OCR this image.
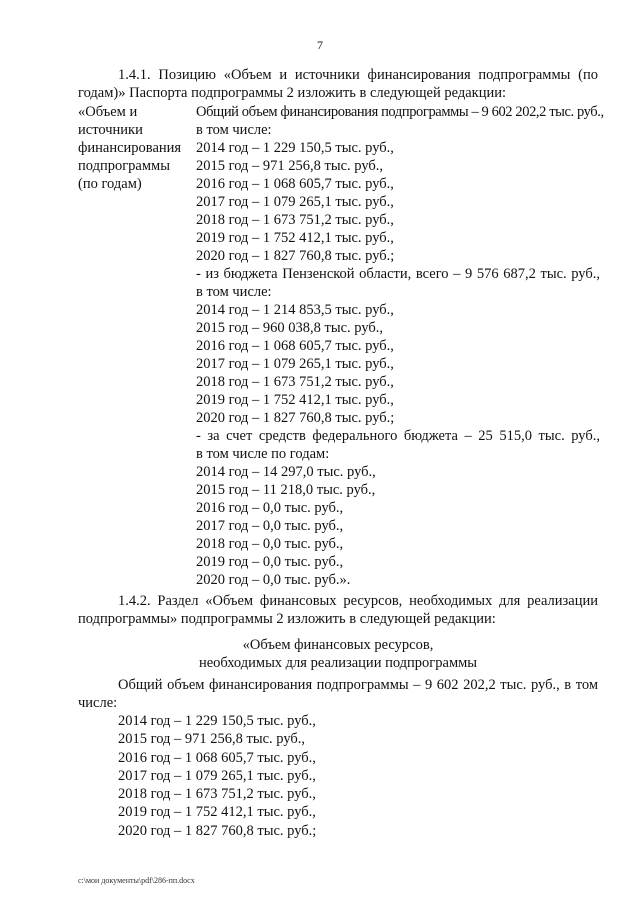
7
1.4.1. Позицию «Объем и источники финансирования подпрограммы (по годам)» Паспорта подпрограммы 2 изложить в следующей редакции:
«Объем и
источники
финансирования
подпрограммы
(по годам)
Общий объем финансирования подпрограммы – 9 602 202,2 тыс. руб.,
в том числе:
2014 год – 1 229 150,5 тыс. руб.,
2015 год – 971 256,8 тыс. руб.,
2016 год – 1 068 605,7 тыс. руб.,
2017 год – 1 079 265,1 тыс. руб.,
2018 год – 1 673 751,2 тыс. руб.,
2019 год – 1 752 412,1 тыс. руб.,
2020 год – 1 827 760,8 тыс. руб.;
- из бюджета Пензенской области, всего – 9 576 687,2 тыс. руб.,
в том числе:
2014 год – 1 214 853,5 тыс. руб.,
2015 год – 960 038,8 тыс. руб.,
2016 год – 1 068 605,7 тыс. руб.,
2017 год – 1 079 265,1 тыс. руб.,
2018 год – 1 673 751,2 тыс. руб.,
2019 год – 1 752 412,1 тыс. руб.,
2020 год – 1 827 760,8 тыс. руб.;
- за счет средств федерального бюджета – 25 515,0 тыс. руб.,
в том числе по годам:
2014 год – 14 297,0 тыс. руб.,
2015 год – 11 218,0 тыс. руб.,
2016 год – 0,0 тыс. руб.,
2017 год – 0,0 тыс. руб.,
2018 год – 0,0 тыс. руб.,
2019 год – 0,0 тыс. руб.,
2020 год – 0,0 тыс. руб.».
1.4.2. Раздел «Объем финансовых ресурсов, необходимых для реализации подпрограммы» подпрограммы 2 изложить в следующей редакции:
«Объем финансовых ресурсов,
необходимых для реализации подпрограммы
Общий объем финансирования подпрограммы – 9 602 202,2 тыс. руб., в том числе:
2014 год – 1 229 150,5 тыс. руб.,
2015 год – 971 256,8 тыс. руб.,
2016 год – 1 068 605,7 тыс. руб.,
2017 год – 1 079 265,1 тыс. руб.,
2018 год – 1 673 751,2 тыс. руб.,
2019 год – 1 752 412,1 тыс. руб.,
2020 год – 1 827 760,8 тыс. руб.;
c:\мои документы\pdf\286-пп.docx
